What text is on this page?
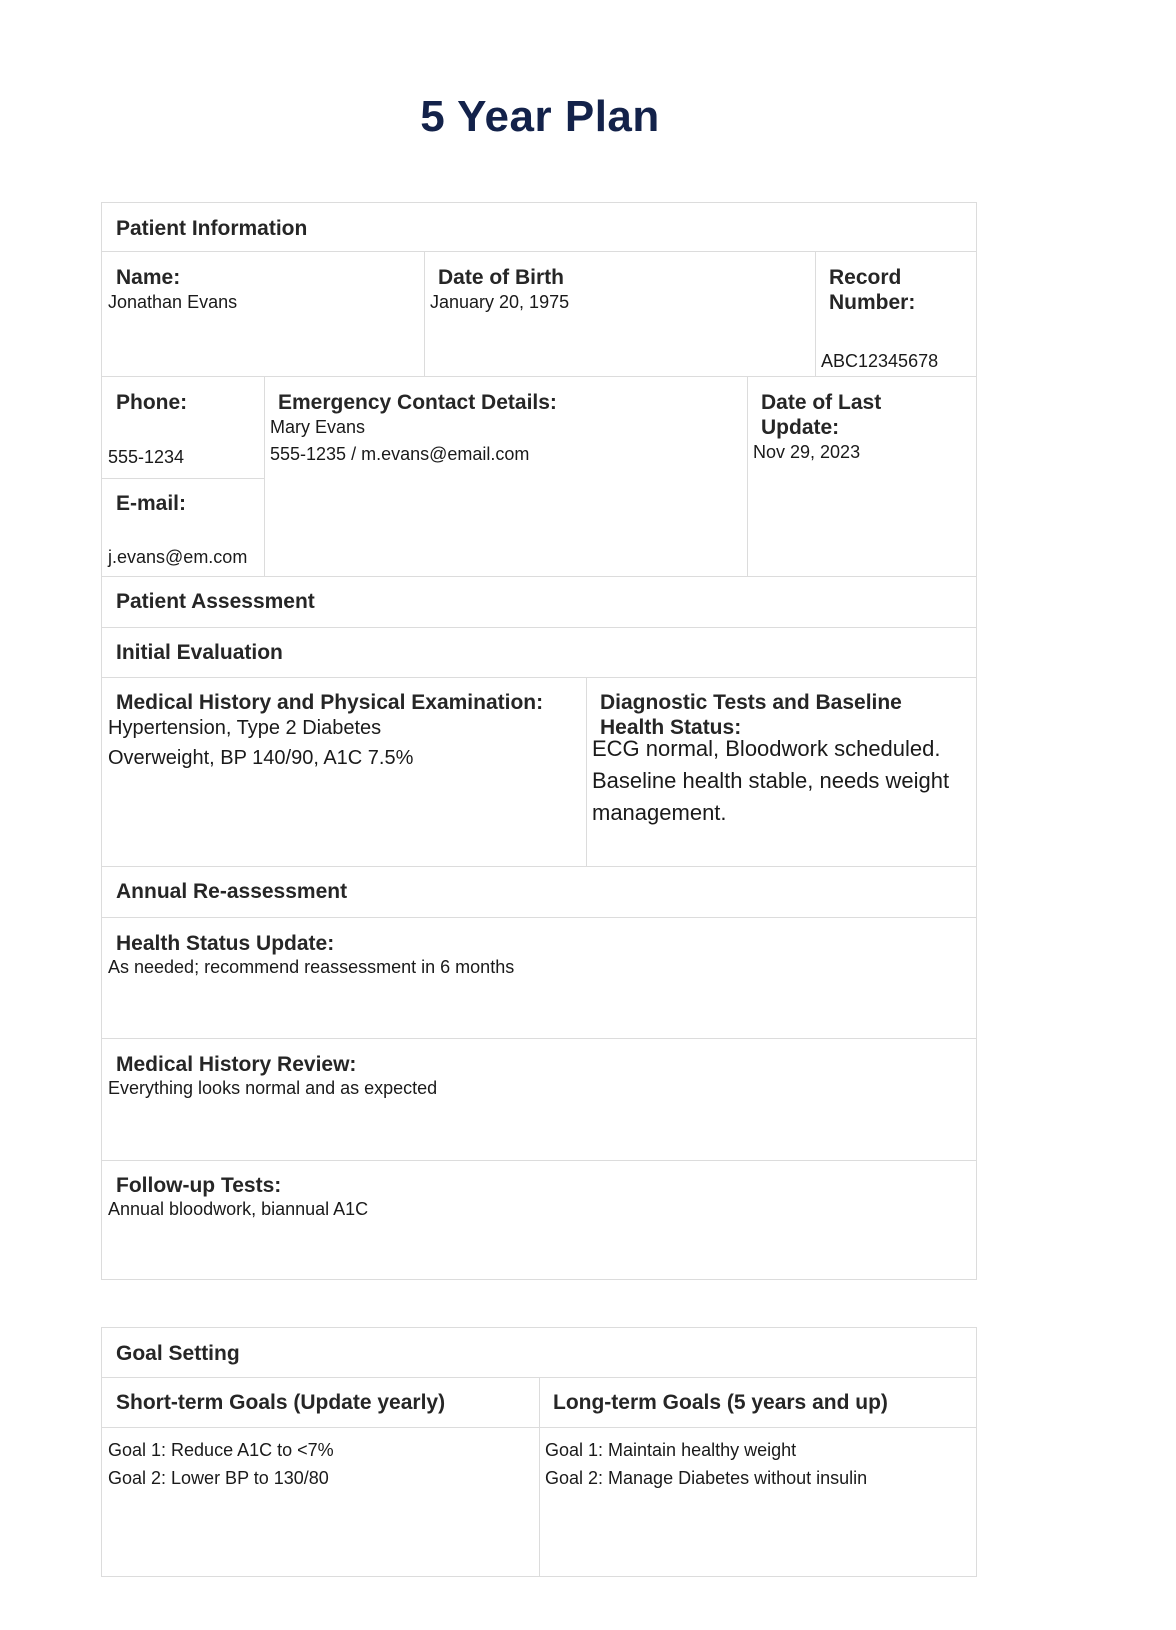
5 Year Plan
Patient Information
Name:
Jonathan Evans
Date of Birth
January 20, 1975
Record Number:
ABC12345678
Phone:
555-1234
E-mail:
j.evans@em.com
Emergency Contact Details:
Mary Evans
555-1235 / m.evans@email.com
Date of Last Update:
Nov 29, 2023
Patient Assessment
Initial Evaluation
Medical History and Physical Examination:
Hypertension, Type 2 Diabetes
Overweight, BP 140/90, A1C 7.5%
Diagnostic Tests and Baseline Health Status:
ECG normal, Bloodwork scheduled. Baseline health stable, needs weight management.
Annual Re-assessment
Health Status Update:
As needed; recommend reassessment in 6 months
Medical History Review:
Everything looks normal and as expected
Follow-up Tests:
Annual bloodwork, biannual A1C
Goal Setting
Short-term Goals (Update yearly)	Long-term Goals (5 years and up)
Goal 1: Reduce A1C to <7%
Goal 2: Lower BP to 130/80
Goal 1: Maintain healthy weight
Goal 2: Manage Diabetes without insulin
